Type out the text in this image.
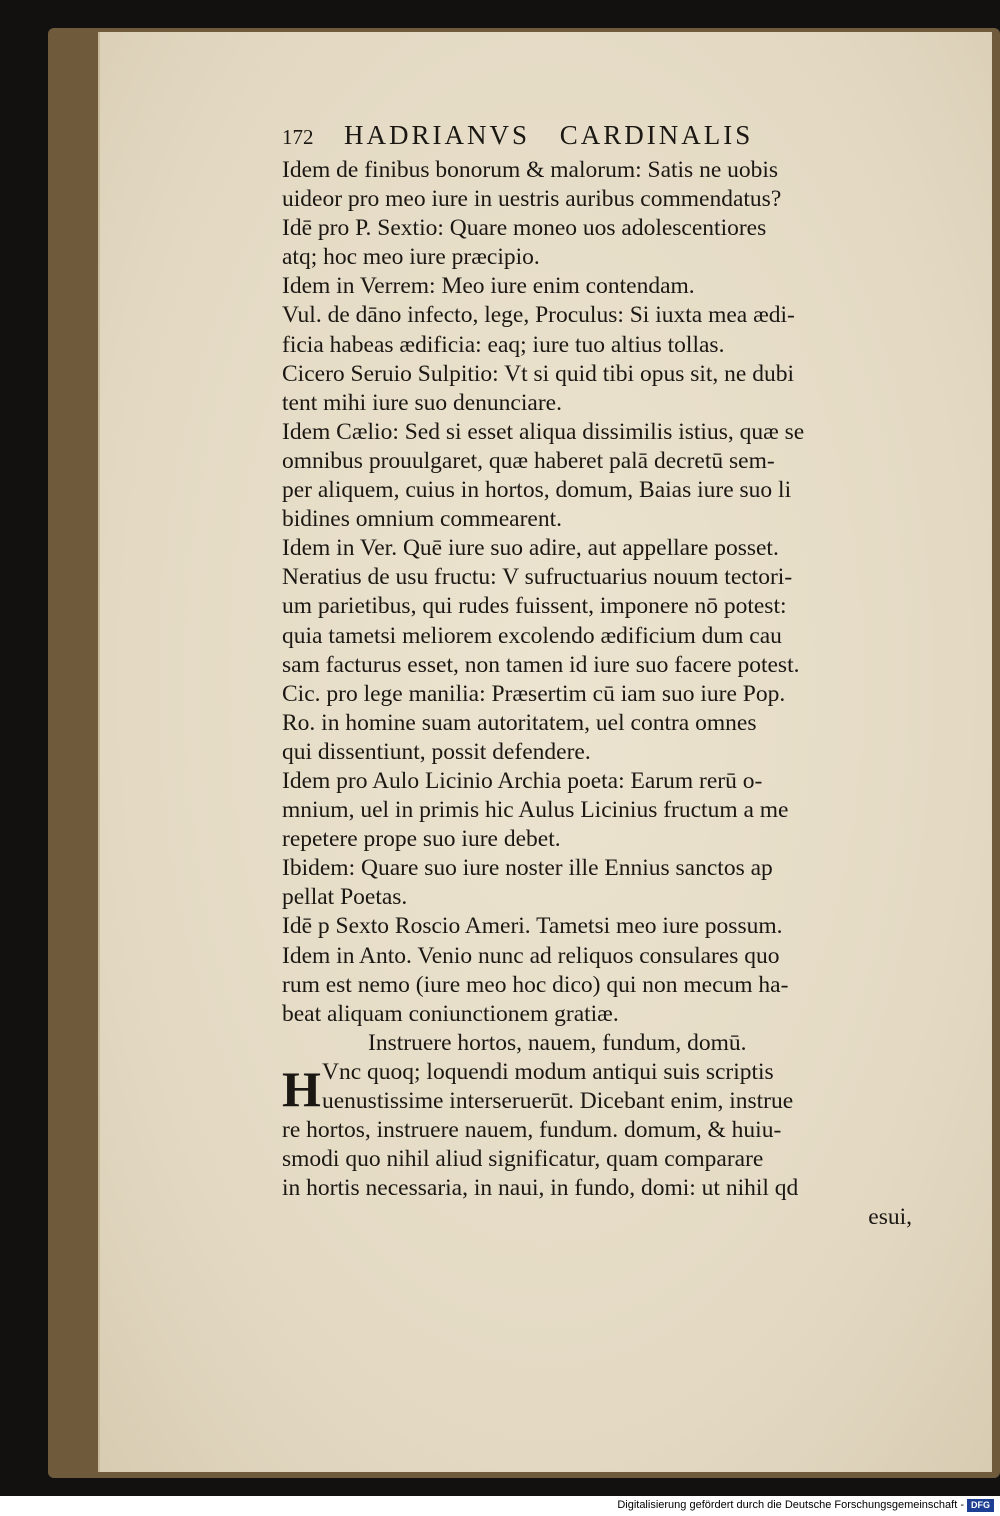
172	HADRIANVS CARDINALIS
Idem de finibus bonorum & malorum: Satis ne uobis
uideor pro meo iure in uestris auribus commendatus?
Idē pro P. Sextio: Quare moneo uos adolescentiores
atq; hoc meo iure præcipio.
Idem in Verrem: Meo iure enim contendam.
Vul. de dāno infecto, lege, Proculus: Si iuxta mea ædi-
ficia habeas ædificia: eaq; iure tuo altius tollas.
Cicero Seruio Sulpitio: Vt si quid tibi opus sit, ne dubi
tent mihi iure suo denunciare.
Idem Cælio: Sed si esset aliqua dissimilis istius, quæ se
omnibus prouulgaret, quæ haberet palā decretū sem-
per aliquem, cuius in hortos, domum, Baias iure suo li
bidines omnium commearent.
Idem in Ver. Quē iure suo adire, aut appellare posset.
Neratius de usu fructu: V sufructuarius nouum tectori-
um parietibus, qui rudes fuissent, imponere nō potest:
quia tametsi meliorem excolendo ædificium dum cau
sam facturus esset, non tamen id iure suo facere potest.
Cic. pro lege manilia: Præsertim cū iam suo iure Pop.
Ro. in homine suam autoritatem, uel contra omnes
qui dissentiunt, possit defendere.
Idem pro Aulo Licinio Archia poeta: Earum rerū o-
mnium, uel in primis hic Aulus Licinius fructum a me
repetere prope suo iure debet.
Ibidem: Quare suo iure noster ille Ennius sanctos ap
pellat Poetas.
Idē p Sexto Roscio Ameri. Tametsi meo iure possum.
Idem in Anto. Venio nunc ad reliquos consulares quo
rum est nemo (iure meo hoc dico) qui non mecum ha-
beat aliquam coniunctionem gratiæ.
Instruere hortos, nauem, fundum, domū.
H Vnc quoq; loquendi modum antiqui suis scriptis
uenustissime interseruerūt. Dicebant enim, instrue
re hortos, instruere nauem, fundum. domum, & huiu-
smodi quo nihil aliud significatur, quam comparare
in hortis necessaria, in naui, in fundo, domi: ut nihil qd
esui,
Digitalisierung gefördert durch die Deutsche Forschungsgemeinschaft - DFG
